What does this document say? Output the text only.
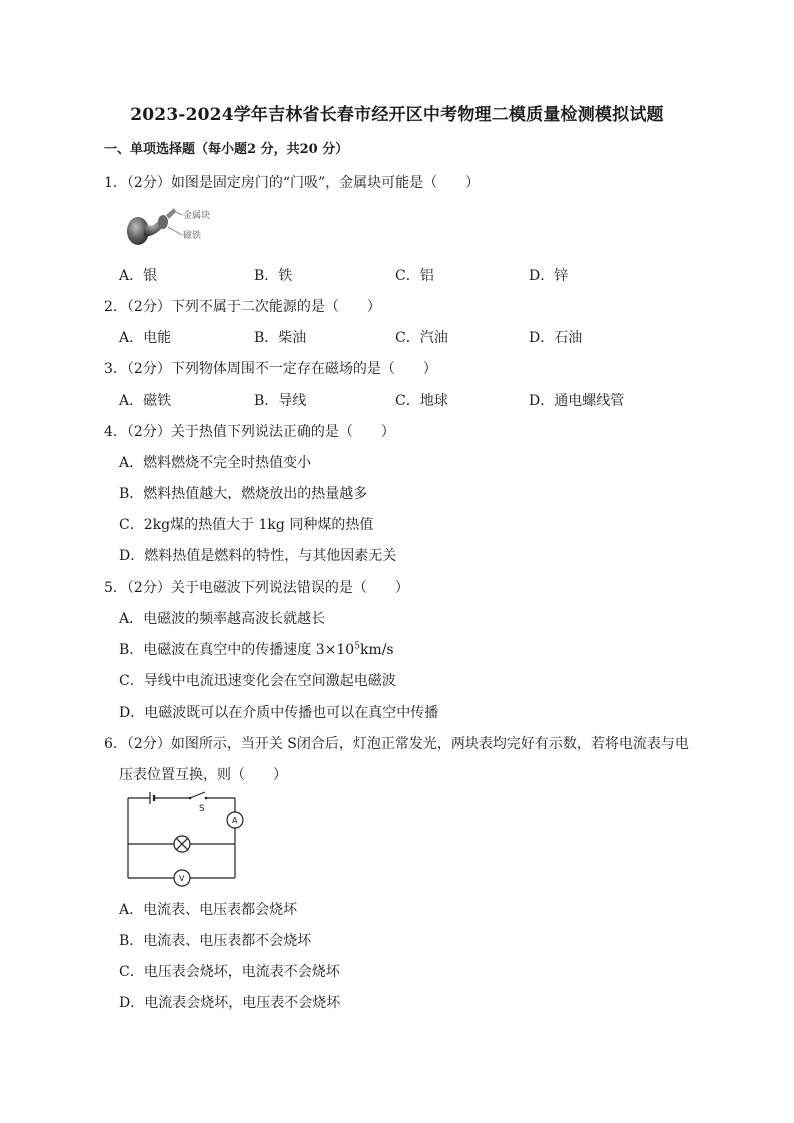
2023-2024学年吉林省长春市经开区中考物理二模质量检测模拟试题
一、单项选择题（每小题2 分，共20 分）
1．（2分）如图是固定房门的“门吸”，金属块可能是（　　）
金属块
磁铁
A．银	B．铁	C．铝	D．锌
2．（2分）下列不属于二次能源的是（　　）
A．电能	B．柴油	C．汽油	D．石油
3．（2分）下列物体周围不一定存在磁场的是（　　）
A．磁铁	B．导线	C．地球	D．通电螺线管
4．（2分）关于热值下列说法正确的是（　　）
A．燃料燃烧不完全时热值变小
B．燃料热值越大，燃烧放出的热量越多
C．2kg煤的热值大于 1kg 同种煤的热值
D．燃料热值是燃料的特性，与其他因素无关
5．（2分）关于电磁波下列说法错误的是（　　）
A．电磁波的频率越高波长就越长
B．电磁波在真空中的传播速度 $3\times 10^5km/s$
C．导线中电流迅速变化会在空间激起电磁波
D．电磁波既可以在介质中传播也可以在真空中传播
6．（2分）如图所示，当开关 S闭合后，灯泡正常发光，两块表均完好有示数，若将电流表与电
压表位置互换，则（　　）
S
A
V
A．电流表、电压表都会烧坏
B．电流表、电压表都不会烧坏
C．电压表会烧坏，电流表不会烧坏
D．电流表会烧坏，电压表不会烧坏
